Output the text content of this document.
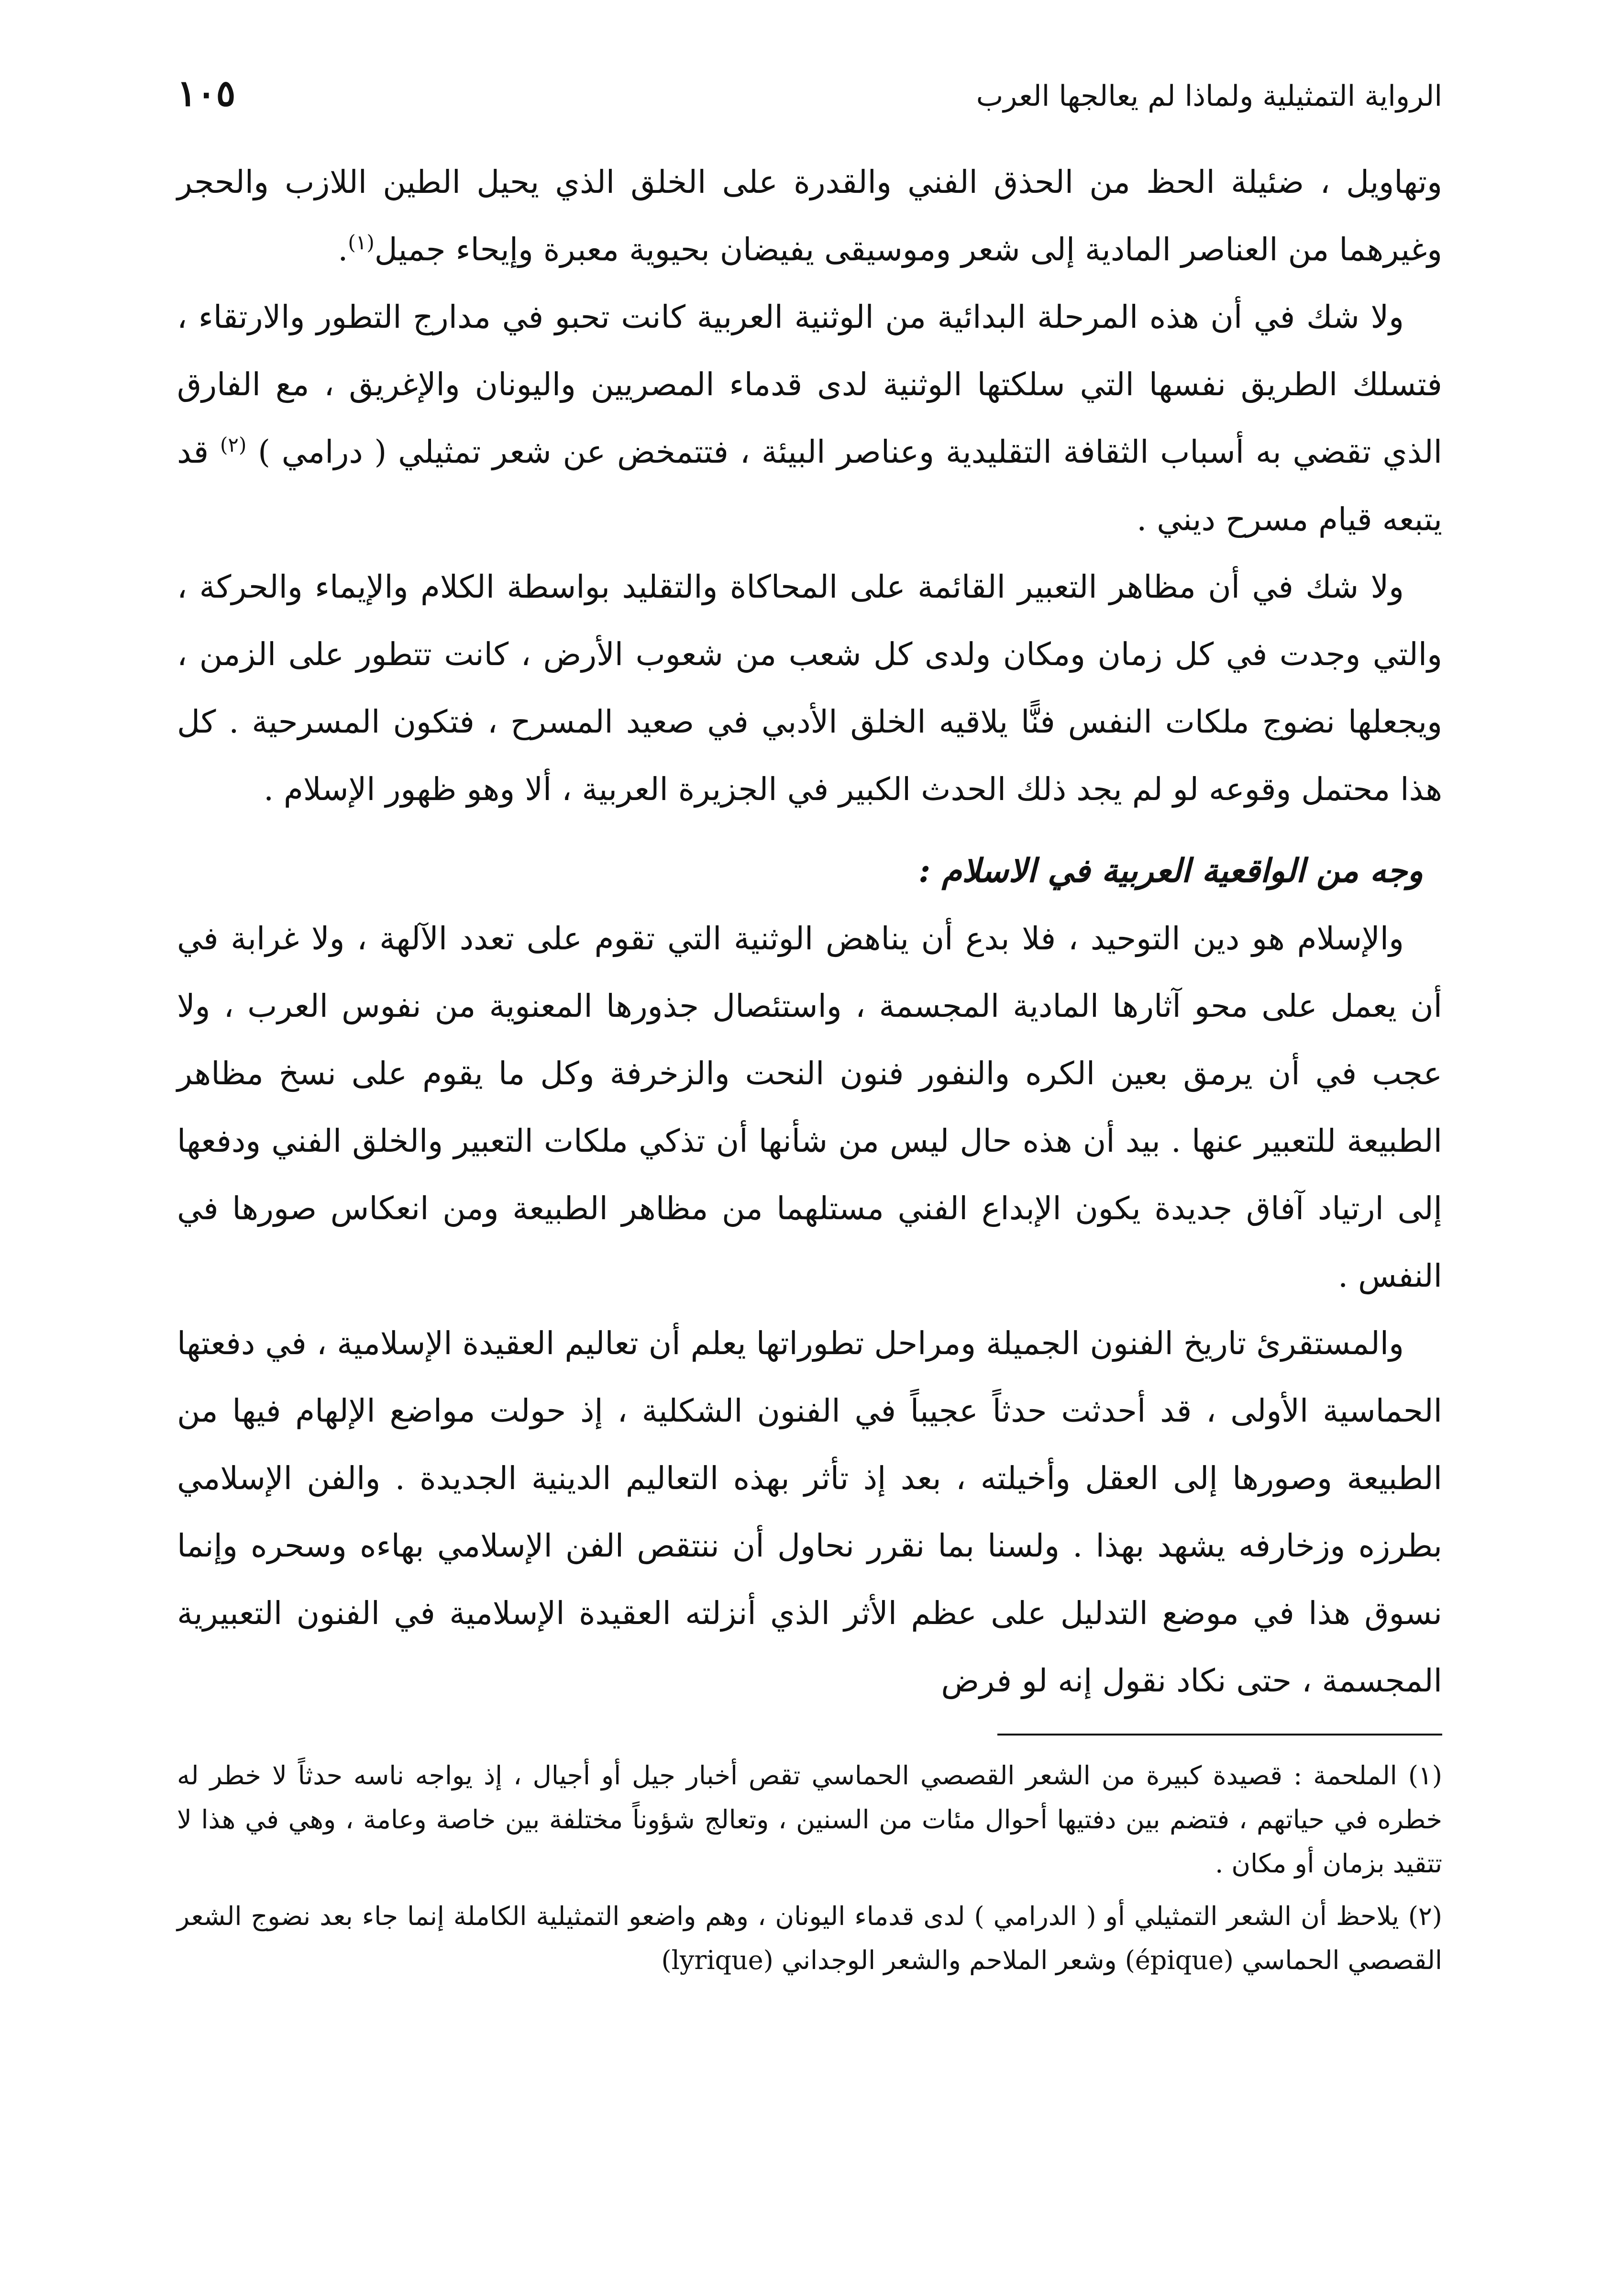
الرواية التمثيلية ولماذا لم يعالجها العرب
١٠٥

وتهاويل ، ضئيلة الحظ من الحذق الفني والقدرة على الخلق الذي يحيل الطين اللازب والحجر وغيرهما من العناصر المادية إلى شعر وموسيقى يفيضان بحيوية معبرة وإيحاء جميل$^{(١)}$.

ولا شك في أن هذه المرحلة البدائية من الوثنية العربية كانت تحبو في مدارج التطور والارتقاء ، فتسلك الطريق نفسها التي سلكتها الوثنية لدى قدماء المصريين واليونان والإغريق ، مع الفارق الذي تقضي به أسباب الثقافة التقليدية وعناصر البيئة ، فتتمخض عن شعر تمثيلي ( درامي ) $^{(٢)}$ قد يتبعه قيام مسرح ديني .

ولا شك في أن مظاهر التعبير القائمة على المحاكاة والتقليد بواسطة الكلام والإيماء والحركة ، والتي وجدت في كل زمان ومكان ولدى كل شعب من شعوب الأرض ، كانت تتطور على الزمن ، ويجعلها نضوج ملكات النفس فنًّا يلاقيه الخلق الأدبي في صعيد المسرح ، فتكون المسرحية . كل هذا محتمل وقوعه لو لم يجد ذلك الحدث الكبير في الجزيرة العربية ، ألا وهو ظهور الإسلام .

وجه من الواقعية العربية في الاسلام :

والإسلام هو دين التوحيد ، فلا بدع أن يناهض الوثنية التي تقوم على تعدد الآلهة ، ولا غرابة في أن يعمل على محو آثارها المادية المجسمة ، واستئصال جذورها المعنوية من نفوس العرب ، ولا عجب في أن يرمق بعين الكره والنفور فنون النحت والزخرفة وكل ما يقوم على نسخ مظاهر الطبيعة للتعبير عنها . بيد أن هذه حال ليس من شأنها أن تذكي ملكات التعبير والخلق الفني ودفعها إلى ارتياد آفاق جديدة يكون الإبداع الفني مستلهما من مظاهر الطبيعة ومن انعكاس صورها في النفس .

والمستقرئ تاريخ الفنون الجميلة ومراحل تطوراتها يعلم أن تعاليم العقيدة الإسلامية ، في دفعتها الحماسية الأولى ، قد أحدثت حدثاً عجيباً في الفنون الشكلية ، إذ حولت مواضع الإلهام فيها من الطبيعة وصورها إلى العقل وأخيلته ، بعد إذ تأثر بهذه التعاليم الدينية الجديدة . والفن الإسلامي بطرزه وزخارفه يشهد بهذا . ولسنا بما نقرر نحاول أن ننتقص الفن الإسلامي بهاءه وسحره وإنما نسوق هذا في موضع التدليل على عظم الأثر الذي أنزلته العقيدة الإسلامية في الفنون التعبيرية المجسمة ، حتى نكاد نقول إنه لو فرض

(١) الملحمة : قصيدة كبيرة من الشعر القصصي الحماسي تقص أخبار جيل أو أجيال ، إذ يواجه ناسه حدثاً لا خطر له خطره في حياتهم ، فتضم بين دفتيها أحوال مئات من السنين ، وتعالج شؤوناً مختلفة بين خاصة وعامة ، وهي في هذا لا تتقيد بزمان أو مكان .

(٢) يلاحظ أن الشعر التمثيلي أو ( الدرامي ) لدى قدماء اليونان ، وهم واضعو التمثيلية الكاملة إنما جاء بعد نضوج الشعر القصصي الحماسي (épique) وشعر الملاحم والشعر الوجداني (lyrique)
